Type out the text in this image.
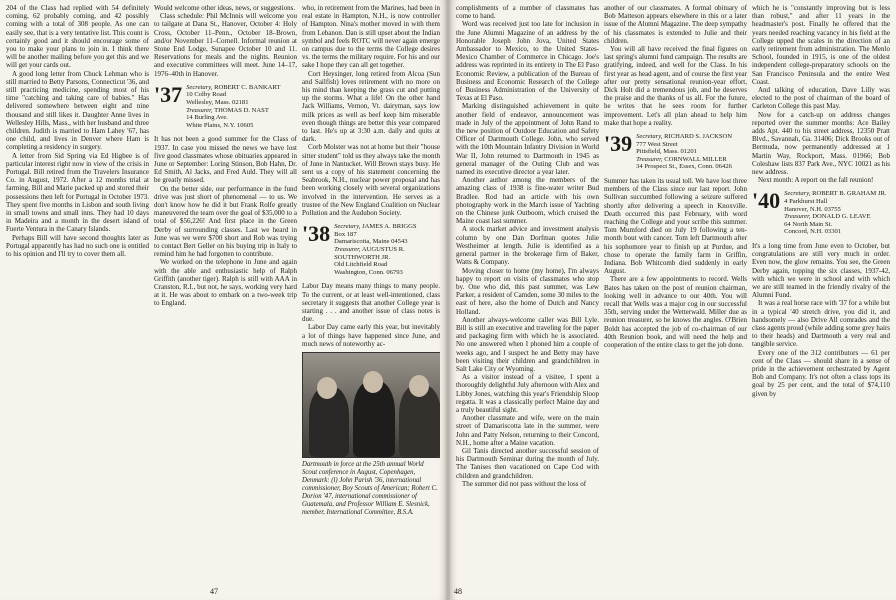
204 of the Class had replied with 54 definitely coming, 62 probably coming, and 42 possibly coming with a total of 308 people. As one can easily see, that is a very tentative list. This count is certainly good and it should encourage some of you to make your plans to join in. I think there will be another mailing before you get this and we will get your cards out.

A good long letter from Chuck Lehman who is still married to Betty Parsons, Connecticut '36, and still practicing medicine, spending most of his time "catching and taking care of babies." Has delivered somewhere between eight and nine thousand and still likes it. Daughter Anne lives in Wellesley Hills, Mass., with her husband and three children. Judith is married to Ham Lahey '67, has one child, and lives in Denver where Ham is completing a residency in surgery.

A letter from Sid Spring via Ed Higbee is of particular interest right now in view of the crisis in Portugal. Bill retired from the Travelers Insurance Co. in August, 1972. After a 12 months trial at farming, Bill and Marie packed up and stored their possessions then left for Portugal in October 1973. They spent five months in Lisbon and south living in small towns and small inns. They had 10 days in Madeira and a month in the desert island of Fuerte Ventura in the Canary Islands.

Perhaps Bill will have second thoughts later as Portugal apparently has had no such one is entitled to his opinion and I'll try to cover them all.

Would welcome other ideas, news, or suggestions.

Class schedule: Phil McInnis will welcome you to tailgate at Dana St., Hanover, October 4: Holy Cross, October 11–Penn., October 18–Brown, and/or November 11–Cornell. Informal reunion at Stone End Lodge, Sunapee October 10 and 11. Reservations for meals and the nights. Reunion and executive committees will meet. June 14–17, 1976–40th in Hanover.

'37 Secretary, ROBERT C. BANKART
10 Colby Road
Wellesley, Mass. 02181
Treasurer, THOMAS D. NAST
14 Burling Ave.
White Plains, N.Y. 10605

It has not been a good summer for the Class of 1937. In case you missed the news we have lost five good classmates whose obituaries appeared in June or September: Loring Stinson, Bob Hahn, Dr. Ed Smith, Al Jacks, and Fred Auld. They will all be greatly missed.

On the better side, our performance in the fund drive was just short of phenomenal — to us. We don't know how he did it but Frank Rolfe greatly maneuvered the team over the goal of $35,000 to a total of $56,226! And first place in the Green Derby of surrounding classes. Last we heard in June was we were $700 short and Rob was trying to contact Bert Geller on his buying trip in Italy to remind him he had forgotten to contribute.

We worked on the telephone in June and again with the able and enthusiastic help of Ralph Griffith (another tiger). Ralph is still with AAA in Cranston, R.I., but not, he says, working very hard at it. He was about to embark on a two-week trip to England.

who, in retirement from the Marines, had been in real estate in Hampton, N.H., is now controller of Hampton. Nina's mother moved in with them from Lebanon. Dan is still upset about the Indian symbol and feels ROTC will never again emerge on campus due to the terms the College desires vs. the terms the military require. For his and our sake I hope they can all get together.

Cort Heysinger, long retired from Alcoa (Sun and Sailfish) loves retirement with no more on his mind than keeping the grass cut and putting up the storms. What a life! On the other hand Jack Williams, Vernon, Vt. dairyman, says low milk prices as well as beef keep him miserable even though things are better this year compared to last. He's up at 3:30 a.m. daily and quits at dark.

Corb Molster was not at home but their "house sitter student" told us they always take the month of June in Nantucket. Will Brown stays busy. He sent us a copy of his statement concerning the Seabrook, N.H., nuclear power proposal and has been working closely with several organizations involved in the intervention. He serves as a trustee of the New England Coalition on Nuclear Pollution and the Audubon Society.

'38 Secretary, JAMES A. BRIGGS
Box 187
Damariscotta, Maine 04543
Treasurer, AUGUSTUS R. SOUTHWORTH JR.
Old Litchfield Road
Washington, Conn. 06793

Labor Day means many things to many people. To the current, or at least well-intentioned, class secretary it suggests that another College year is starting . . . and another issue of class notes is due.

Labor Day came early this year, but inevitably a lot of things have happened since June, and much news of noteworthy ac-

Dartmouth in force at the 25th annual World Scout conference in August, Copenhagen, Denmark: (l) John Parish '36, international commissioner, Boy Scouts of American; Robert C. Dorion '47, international commissioner of Guatemala, and Professor William E. Slesnick, member, International Committee, B.S.A.
47

complishments of a number of classmates has come to hand.

Word was received just too late for inclusion in the June Alumni Magazine of an address by the Honorable Joseph John Jova, United States Ambassador to Mexico, to the United States-Mexico Chamber of Commerce in Chicago. Joe's address was reprinted in its entirety in The El Paso Economic Review, a publication of the Bureau of Business and Economic Research of the College of Business Administration of the University of Texas at El Paso.

Marking distinguished achievement in quite another field of endeavor, announcement was made in July of the appointment of John Rand to the new position of Outdoor Education and Safety Officer of Dartmouth College. John, who served with the 10th Mountain Infantry Division in World War II, John returned to Dartmouth in 1945 as general manager of the Outing Club and was named its executive director a year later.

Another author among the members of the amazing class of 1938 is fine-water writer Bud Bradlee. Rod had an article with his own photography work in the March issue of Yachting on the Chinese junk Outboom, which cruised the Maine coast last summer.

A stock market advice and investment analysis column by one Dan Dorfman quotes Julie Westheimer at length. Julie is identified as a general partner in the brokerage firm of Baker, Watts & Company.

Moving closer to home (my home), I'm always happy to report on visits of classmates who stop by. One who did, this past summer, was Lew Parker, a resident of Camden, some 30 miles to the east of here, also the home of Dutch and Nancy Holland.

Another always-welcome caller was Bill Lyle. Bill is still an executive and traveling for the paper and packaging firm with which he is associated. No one answered when I phoned him a couple of weeks ago, and I suspect he and Betty may have been visiting their children and grandchildren in Salt Lake City or Wyoming.

As a visitor instead of a visitee, I spent a thoroughly delightful July afternoon with Alex and Libby Jones, watching this year's Friendship Sloop regatta. It was a classically perfect Maine day and a truly beautiful sight.

Another classmate and wife, were on the main street of Damariscotta late in the summer, were John and Patty Nelson, returning to their Concord, N.H., home after a Maine vacation.

Gil Tanis directed another successful session of his Dartmouth Seminar during the month of July. The Tanises then vacationed on Cape Cod with children and grandchildren.

The summer did not pass without the loss of

another of our classmates. A formal obituary of Bob Matteson appears elsewhere in this or a later issue of the Alumni Magazine. The deep sympathy of his classmates is extended to Julie and their children.

You will all have received the final figures on last spring's alumni fund campaign. The results are gratifying, indeed, and well for the Class. In his first year as head agent, and of course the first year after our pretty sensational reunion-year effort, Dick Holt did a tremendous job, and he deserves the praise and the thanks of us all. For the future, he writes that he sees room for further improvement. Let's all plan ahead to help him make that hope a reality.

'39 Secretary, RICHARD S. JACKSON
777 West Street
Pittsfield, Mass. 01201
Treasurer, CORNWALL MILLER
34 Prospect St., Essex, Conn. 06426

Summer has taken its usual toll. We have lost three members of the Class since our last report. John Sullivan succumbed following a seizure suffered shortly after delivering a speech in Knoxville. Death occurred this past February, with word reaching the College and your scribe this summer. Tom Mumford died on July 19 following a ten-month bout with cancer. Tom left Dartmouth after his sophomore year to finish up at Purdue, and chose to operate the family farm in Griffin, Indiana. Bob Whitcomb died suddenly in early August.

There are a few appointments to record. Wells Bates has taken on the post of reunion chairman, looking well in advance to our 40th. You will recall that Wells was a major cog in our successful 35th, serving under the Wetterwald. Miller due as reunion treasurer, so he knows the angles. O'Brien Boldt has accepted the job of co-chairman of our 40th Reunion book, and will need the help and cooperation of the entire class to get the job done.

which he is "constantly improving but is less than robust," and after 11 years in the headmaster's post. Finally he offered that the years needed reaching vacancy in his field at the College upped the scales in the direction of an early retirement from administration. The Menlo School, founded in 1915, is one of the oldest independent college-preparatory schools on the San Francisco Peninsula and the entire West Coast.

And talking of education, Dave Lilly was elected to the post of chairman of the board of Carleton College this past May.

Now for a catch-up on address changes reported over the summer months: Ace Bailey adds Apt. 440 to his street address, 12350 Pratt Blvd., Savannah, Ga. 31406; Dick Brooks out of Bermuda, now permanently addressed at 1 Martin Way, Rockport, Mass. 01966; Bob Coleshaw lists 837 Park Ave., NYC 10021 as his new address.

Next month: A report on the fall reunion!

'40 Secretary, ROBERT B. GRAHAM JR.
4 Parkhurst Hall
Hanover, N.H. 03755
Treasurer, DONALD G. LEAVE
64 North Main St.
Concord, N.H. 03301

It's a long time from June even to October, but congratulations are still very much in order. Even now, the glow remains. You see, the Green Derby again, topping the six classes, 1937-42, with which we were in school and with which we are still teamed in the friendly rivalry of the Alumni Fund.

It was a real horse race with '37 for a while but in a typical '40 stretch drive, you did it, and handsomely — also Drive All comrades and the class agents proud (while adding some grey hairs to their heads) and Dartmouth a very real and tangible service.

Every one of the 312 contributors — 61 per cent of the Class — should share in a sense of pride in the achievement orchestrated by Agent Bob and Company. It's not often a class tops its goal by 25 per cent, and the total of $74,110 given by

48
